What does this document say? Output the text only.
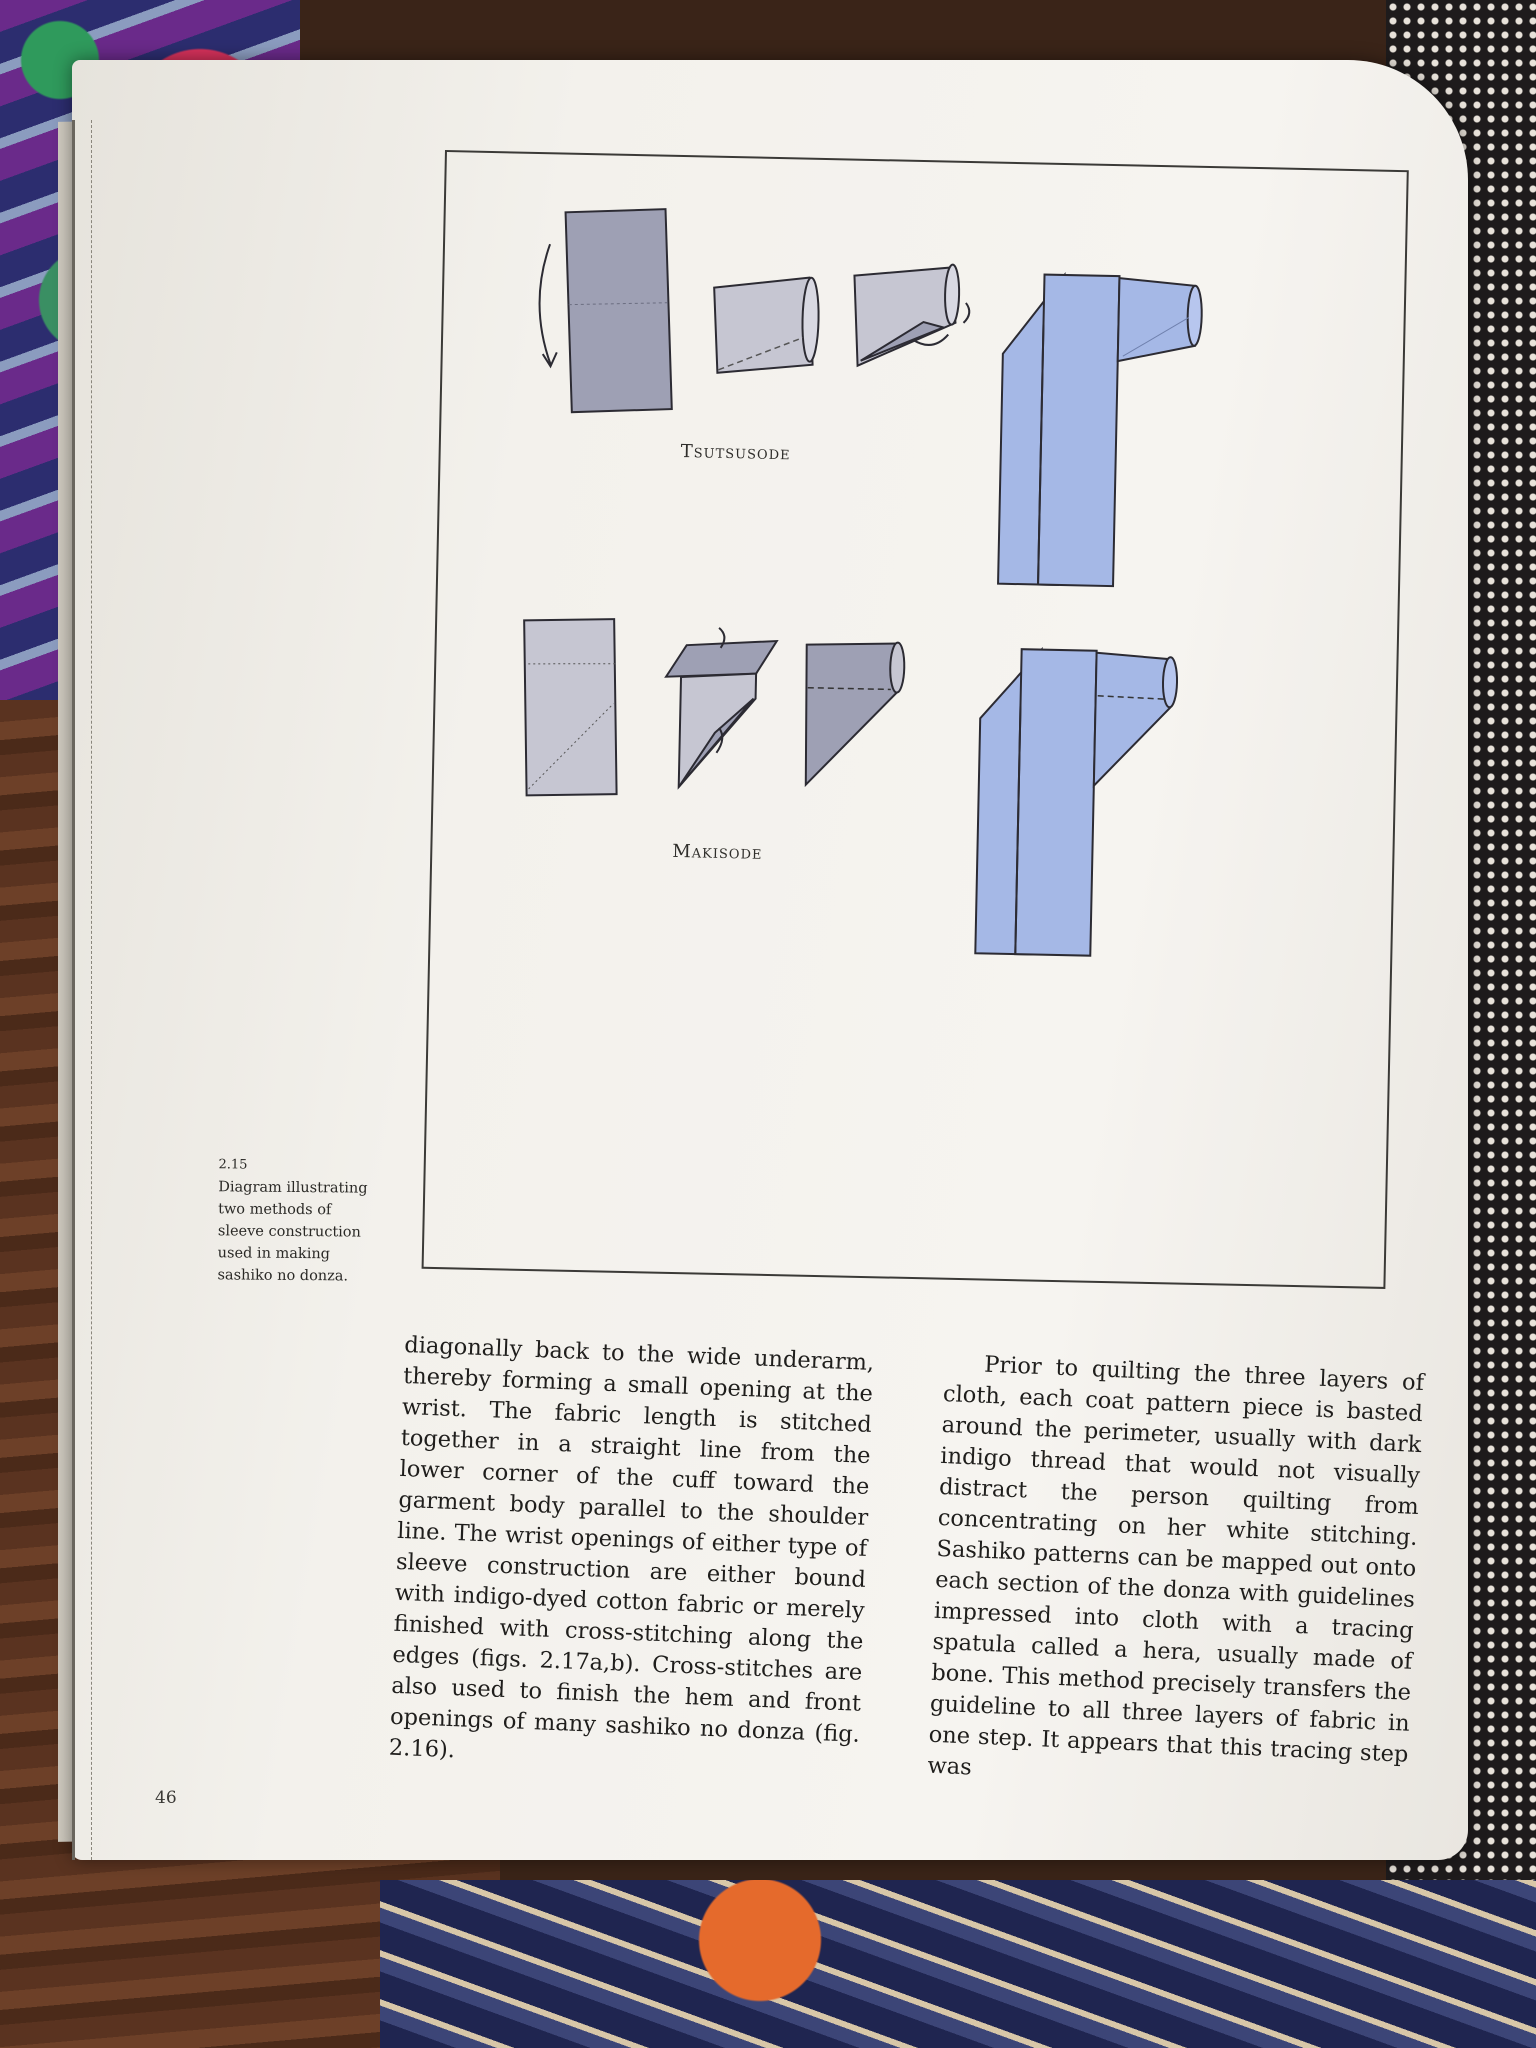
Tsutsusode
Makisode
2.15
Diagram illustrating two methods of sleeve construction used in making sashiko no donza.

diagonally back to the wide underarm, thereby forming a small opening at the wrist. The fabric length is stitched together in a straight line from the lower corner of the cuff toward the garment body parallel to the shoulder line. The wrist openings of either type of sleeve construction are either bound with indigo-dyed cotton fabric or merely finished with cross-stitching along the edges (figs. 2.17a,b). Cross-stitches are also used to finish the hem and front openings of many sashiko no donza (fig. 2.16).

Prior to quilting the three layers of cloth, each coat pattern piece is basted around the perimeter, usually with dark indigo thread that would not visually distract the person quilting from concentrating on her white stitching. Sashiko patterns can be mapped out onto each section of the donza with guidelines impressed into cloth with a tracing spatula called a hera, usually made of bone. This method precisely transfers the guideline to all three layers of fabric in one step. It appears that this tracing step was

46
